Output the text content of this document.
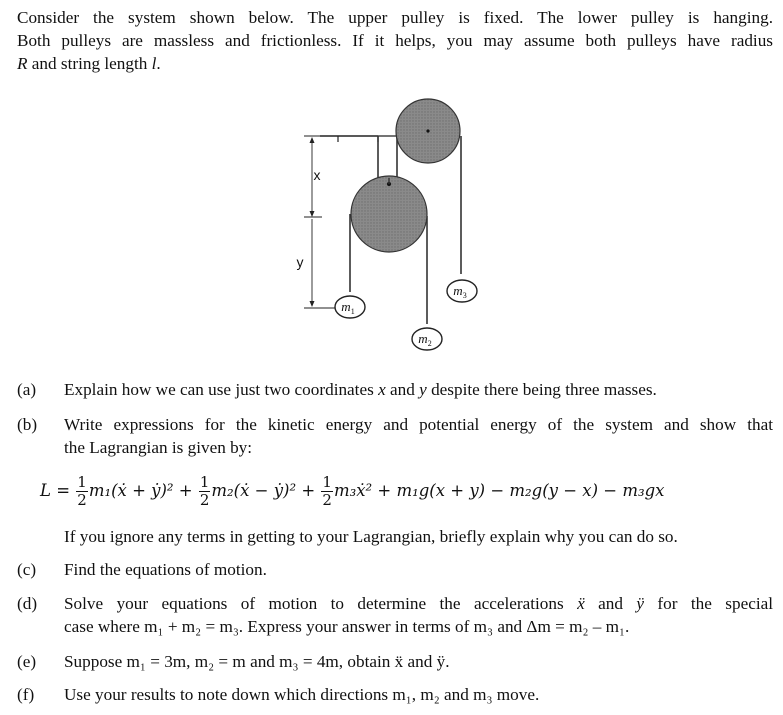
Consider the system shown below. The upper pulley is fixed. The lower pulley is hanging.
Both pulleys are massless and frictionless. If it helps, you may assume both pulleys have radius
R and string length l.
x
y
$m_1$
$m_2$
$m_3$
(a)	Explain how we can use just two coordinates x and y despite there being three masses.
(b)	Write expressions for the kinetic energy and potential energy of the system and show that
the Lagrangian is given by:
$L = \frac{1}{2}$ m₁(ẋ + ẏ)² + $\frac{1}{2}$ m₂(ẋ − ẏ)² + $\frac{1}{2}$ m₃ẋ² + m₁g(x + y) − m₂g(y − x) − m₃gx
If you ignore any terms in getting to your Lagrangian, briefly explain why you can do so.
(c)	Find the equations of motion.
(d)	Solve your equations of motion to determine the accelerations ẍ and ÿ for the special
case where m₁ + m₂ = m₃. Express your answer in terms of m₃ and Δm = m₂ – m₁.
(e)	Suppose m₁ = 3m, m₂ = m and m₃ = 4m, obtain ẍ and ÿ.
(f)	Use your results to note down which directions m₁, m₂ and m₃ move.
